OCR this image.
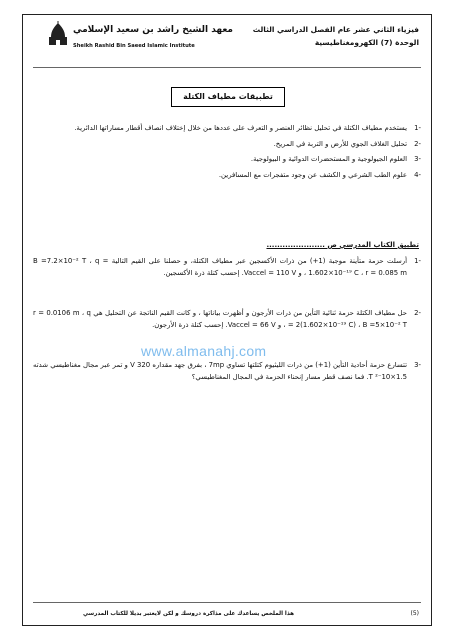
فيزياء الثاني عشر عام الفصل الدراسي الثالث
الوحدة (7) الكهرومغناطيسية
معهد الشيخ راشد بن سعيد الإسلامي
Sheikh Rashid Bin Saeed Islamic Institute
تطبيقات مطياف الكتلة
-1
يستخدم مطياف الكتلة في تحليل نظائر العنصر و التعرف على عددها من خلال إختلاف انصاف أقطار مساراتها الدائرية.
-2
تحليل الغلاف الجوي للأرض و التربة في المريخ.
-3
العلوم الجيولوجية و المستحضرات الدوائية و البيولوجية.
-4
علوم الطب الشرعي و الكشف عن وجود متفجرات مع المسافرين.
تطبيق الكتاب المدرسي ص ......................
-1
أرسلت حزمة متأينة موجبة (1+) من ذرات الأكسجين عبر مطياف الكتلة، و حصلنا على القيم التالية B =7.2×10⁻² T ، q = 1.602×10⁻¹⁹ C ، r = 0.085 m ، و Vaccel = 110 V. إحسب كتلة ذرة الأكسجين.
-2
حل مطياف الكتلة حزمة ثنائية التأين من ذرات الأرجون و أظهرت بياناتها ، و كانت القيم الناتجة عن التحليل هي r = 0.0106 m ، q = 2(1.602×10⁻¹⁹ C) ، B =5×10⁻² T ، و Vaccel = 66 V. إحسب كتلة ذرة الأرجون.
-3
تتسارع حزمة أحادية التأين (1+) من ذرات الليثيوم كتلتها تساوي 7mp ، بفرق جهد مقداره 320 V و تمر عبر مجال مغناطيسي شدته 1.5×10⁻² T. فما نصف قطر مسار إنحناء الحزمة في المجال المغناطيسي؟
www.almanahj.com
(5)
هذا الملخص يساعدك على مذاكرة دروسك و لكن لايعتبر بديلا للكتاب المدرسي
